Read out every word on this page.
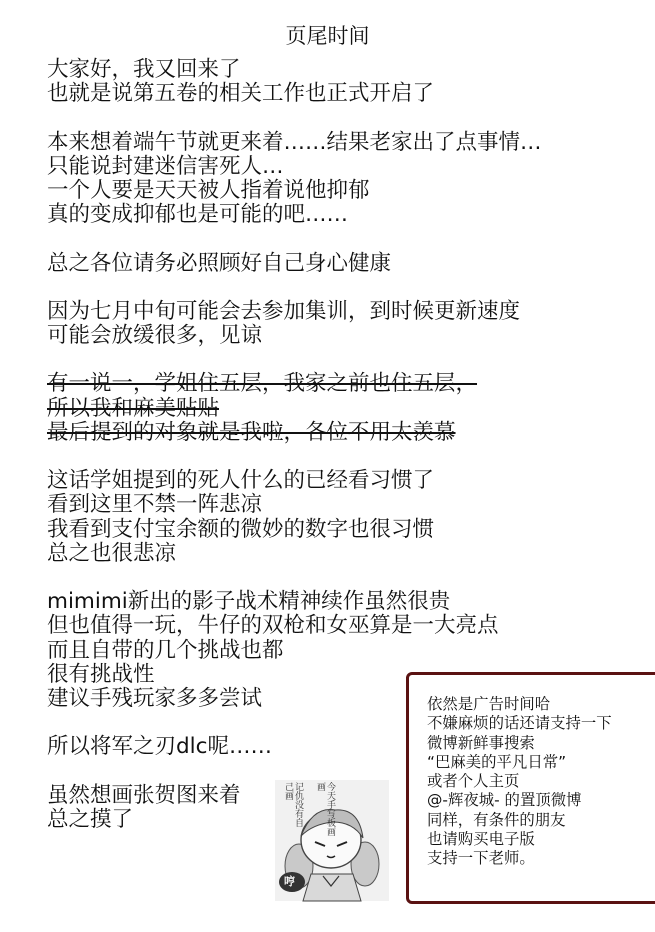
页尾时间
大家好，我又回来了
也就是说第五卷的相关工作也正式开启了
本来想着端午节就更来着……结果老家出了点事情…
只能说封建迷信害死人…
一个人要是天天被人指着说他抑郁
真的变成抑郁也是可能的吧……
总之各位请务必照顾好自己身心健康
因为七月中旬可能会去参加集训，到时候更新速度
可能会放缓很多，见谅
有一说一，学姐住五层，我家之前也住五层，
所以我和麻美贴贴
最后提到的对象就是我啦，各位不用太羡慕
这话学姐提到的死人什么的已经看习惯了
看到这里不禁一阵悲凉
我看到支付宝余额的微妙的数字也很习惯
总之也很悲凉
mimimi新出的影子战术精神续作虽然很贵
但也值得一玩，牛仔的双枪和女巫算是一大亮点
而且自带的几个挑战也都
很有挑战性
建议手残玩家多多尝试
所以将军之刃dlc呢……
虽然想画张贺图来着
总之摸了
依然是广告时间哈
不嫌麻烦的话还请支持一下
微博新鲜事搜索
“巴麻美的平凡日常”
或者个人主页
@-辉夜城- 的置顶微博
同样，有条件的朋友
也请购买电子版
支持一下老师。
今天手写板画画
记仇没有自己画
哼
